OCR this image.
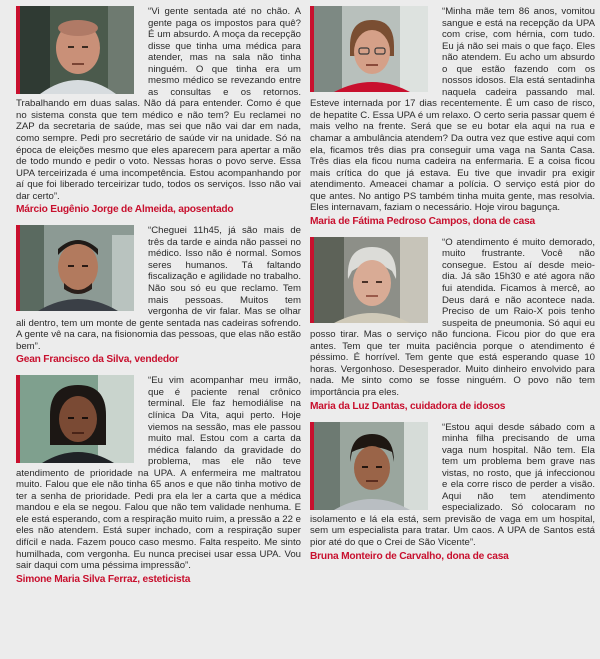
“Vi gente sentada até no chão. A gente paga os impostos para quê? É um absurdo. A moça da recepção disse que tinha uma médica para atender, mas na sala não tinha ninguém. O que tinha era um mesmo médico se revezando entre as consultas e os retornos. Trabalhando em duas salas. Não dá para entender. Como é que no sistema consta que tem médico e não tem? Eu reclamei no ZAP da secretaria de saúde, mas sei que não vai dar em nada, como sempre. Pedi pro secretário de saúde vir na unidade. Só na época de eleições mesmo que eles aparecem para apertar a mão de todo mundo e pedir o voto. Nessas horas o povo serve. Essa UPA terceirizada é uma incompetência. Estou acompanhando por aí que foi liberado terceirizar tudo, todos os serviços. Isso não vai dar certo”.

Márcio Eugênio Jorge de Almeida, aposentado

“Cheguei 11h45, já são mais de três da tarde e ainda não passei no médico. Isso não é normal. Somos seres humanos. Tá faltando fiscalização e agilidade no trabalho. Não sou só eu que reclamo. Tem mais pessoas. Muitos tem vergonha de vir falar. Mas se olhar ali dentro, tem um monte de gente sentada nas cadeiras sofrendo. A gente vê na cara, na fisionomia das pessoas, que elas não estão bem”.

Gean Francisco da Silva, vendedor

“Eu vim acompanhar meu irmão, que é paciente renal crônico terminal. Ele faz hemodiálise na clínica Da Vita, aqui perto. Hoje viemos na sessão, mas ele passou muito mal. Estou com a carta da médica falando da gravidade do problema, mas ele não teve atendimento de prioridade na UPA. A enfermeira me maltratou muito. Falou que ele não tinha 65 anos e que não tinha motivo de ter a senha de prioridade. Pedi pra ela ler a carta que a médica mandou e ela se negou. Falou que não tem validade nenhuma. E ele está esperando, com a respiração muito ruim, a pressão a 22 e eles não atendem. Está super inchado, com a respiração super difícil e nada. Fazem pouco caso mesmo. Falta respeito. Me sinto humilhada, com vergonha. Eu nunca precisei usar essa UPA. Vou sair daqui com uma péssima impressão”.

Simone Maria Silva Ferraz, esteticista

“Minha mãe tem 86 anos, vomitou sangue e está na recepção da UPA com crise, com hérnia, com tudo. Eu já não sei mais o que faço. Eles não atendem. Eu acho um absurdo o que estão fazendo com os nossos idosos. Ela está sentadinha naquela cadeira passando mal. Esteve internada por 17 dias recentemente. É um caso de risco, de hepatite C. Essa UPA é um relaxo. O certo seria passar quem é mais velho na frente. Será que se eu botar ela aqui na rua e chamar a ambulância atendem? Da outra vez que estive aqui com ela, ficamos três dias pra conseguir uma vaga na Santa Casa. Três dias ela ficou numa cadeira na enfermaria. E a coisa ficou mais crítica do que já estava. Eu tive que invadir pra exigir atendimento. Ameacei chamar a polícia. O serviço está pior do que antes. No antigo PS também tinha muita gente, mas resolvia. Eles internavam, faziam o necessário. Hoje virou bagunça.

Maria de Fátima Pedroso Campos, dona de casa

“O atendimento é muito demorado, muito frustrante. Você não consegue. Estou aí desde meio-dia. Já são 15h30 e até agora não fui atendida. Ficamos à mercê, ao Deus dará e não acontece nada. Preciso de um Raio-X pois tenho suspeita de pneumonia. Só aqui eu posso tirar. Mas o serviço não funciona. Ficou pior do que era antes. Tem que ter muita paciência porque o atendimento é péssimo. É horrível. Tem gente que está esperando quase 10 horas. Vergonhoso. Desesperador. Muito dinheiro envolvido para nada. Me sinto como se fosse ninguém. O povo não tem importância pra eles.

Maria da Luz Dantas, cuidadora de idosos

“Estou aqui desde sábado com a minha filha precisando de uma vaga num hospital. Não tem. Ela tem um problema bem grave nas vistas, no rosto, que já infeccionou e ela corre risco de perder a visão. Aqui não tem atendimento especializado. Só colocaram no isolamento e lá ela está, sem previsão de vaga em um hospital, sem um especialista para tratar. Um caos. A UPA de Santos está pior até do que o Crei de São Vicente”.

Bruna Monteiro de Carvalho, dona de casa
